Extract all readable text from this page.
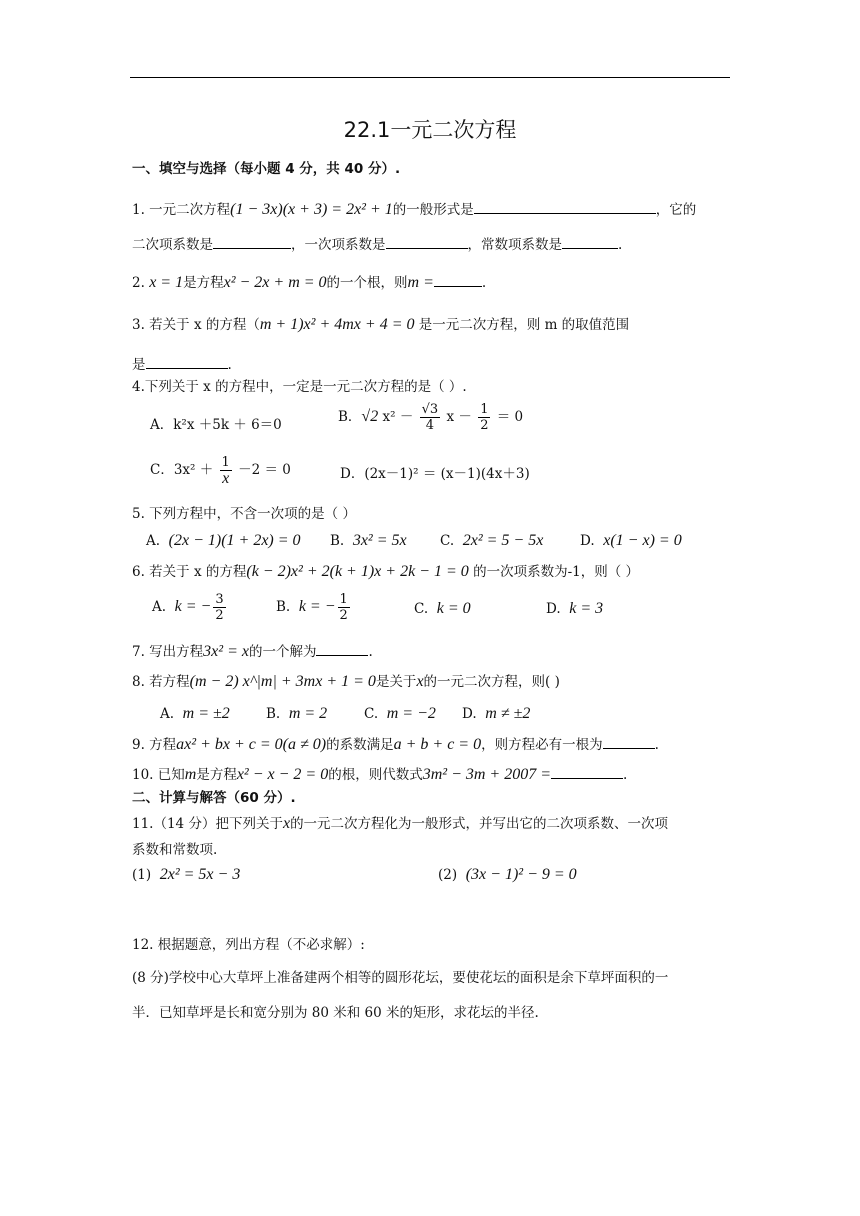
22.1一元二次方程
一、填空与选择（每小题 4 分，共 40 分）.
1. 一元二次方程(1 − 3x)(x + 3) = 2x² + 1的一般形式是	，它的
二次项系数是	，一次项系数是	，常数项系数是	.
2. x = 1是方程x² − 2x + m = 0的一个根，则m =	.
3. 若关于 x 的方程（m + 1)x² + 4mx + 4 = 0 是一元二次方程，则 m 的取值范围
是	.
4.下列关于 x 的方程中，一定是一元二次方程的是（ ）.
A．k²x ＋5k ＋ 6＝0	B．√2 $x^2 - \frac{√3}{4}$ $x - \frac{1}{2} = 0$
C．$3x^2 + \frac{1}{x} -2 = 0$	D．(2x－1)² ＝ (x－1)(4x＋3)
5. 下列方程中，不含一次项的是（ ）
A. (2x − 1)(1 + 2x) = 0 B. 3x² = 5x C. 2x² = 5 − 5x	D. x(1 − x) = 0
6. 若关于 x 的方程(k − 2)x² + 2(k + 1)x + 2k − 1 = 0 的一次项系数为-1，则（ ）
A. k = − $\frac{3}{2}$	B. k = − $\frac{1}{2}$	C. k = 0	D. k = 3
7. 写出方程3x² = x的一个解为	.
8. 若方程(m − 2) x^|m| + 3mx + 1 = 0是关于x的一元二次方程，则( )
A. m = ±2	B. m = 2	C. m = −2 D. m ≠ ±2
9. 方程ax² + bx + c = 0(a ≠ 0)的系数满足a + b + c = 0，则方程必有一根为	.
10. 已知m是方程x² − x − 2 = 0的根，则代数式3m² − 3m + 2007 =	.
二、计算与解答（60 分）.
11.（14 分）把下列关于x的一元二次方程化为一般形式，并写出它的二次项系数、一次项
系数和常数项.
(1) 2x² = 5x − 3	(2) (3x − 1)² − 9 = 0
12. 根据题意，列出方程（不必求解）:
(8 分)学校中心大草坪上准备建两个相等的圆形花坛，要使花坛的面积是余下草坪面积的一
半．已知草坪是长和宽分别为 80 米和 60 米的矩形，求花坛的半径.
